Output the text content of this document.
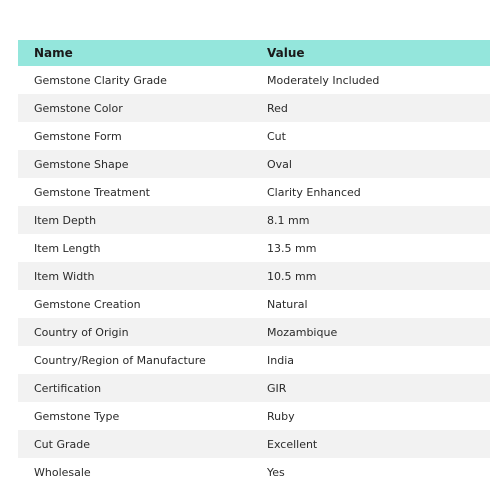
Name	Value
Gemstone Clarity Grade	Moderately Included
Gemstone Color	Red
Gemstone Form	Cut
Gemstone Shape	Oval
Gemstone Treatment	Clarity Enhanced
Item Depth	8.1 mm
Item Length	13.5 mm
Item Width	10.5 mm
Gemstone Creation	Natural
Country of Origin	Mozambique
Country/Region of Manufacture	India
Certification	GIR
Gemstone Type	Ruby
Cut Grade	Excellent
Wholesale	Yes
